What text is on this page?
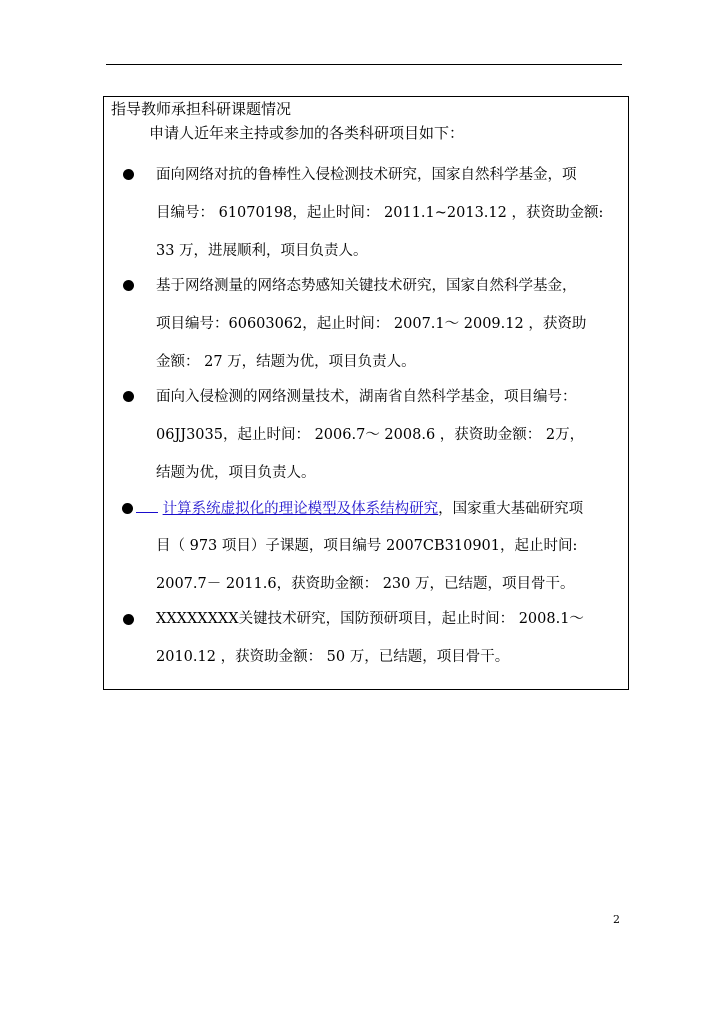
指导教师承担科研课题情况
申请人近年来主持或参加的各类科研项目如下：
面向网络对抗的鲁棒性入侵检测技术研究，国家自然科学基金，项
目编号： 61070198，起止时间： 2011.1~2013.12 ，获资助金额:
33 万，进展顺利，项目负责人。
基于网络测量的网络态势感知关键技术研究，国家自然科学基金，
项目编号：60603062，起止时间： 2007.1～ 2009.12 ，获资助
金额： 27 万，结题为优，项目负责人。
面向入侵检测的网络测量技术，湖南省自然科学基金，项目编号：
06JJ3035，起止时间： 2006.7～ 2008.6 ，获资助金额： 2万，
结题为优，项目负责人。
计算系统虚拟化的理论模型及体系结构研究，国家重大基础研究项
目（ 973 项目）子课题，项目编号 2007CB310901，起止时间:
2007.7－ 2011.6，获资助金额： 230 万，已结题，项目骨干。
XXXXXXXX关键技术研究，国防预研项目，起止时间： 2008.1～
2010.12 ，获资助金额： 50 万，已结题，项目骨干。
2
